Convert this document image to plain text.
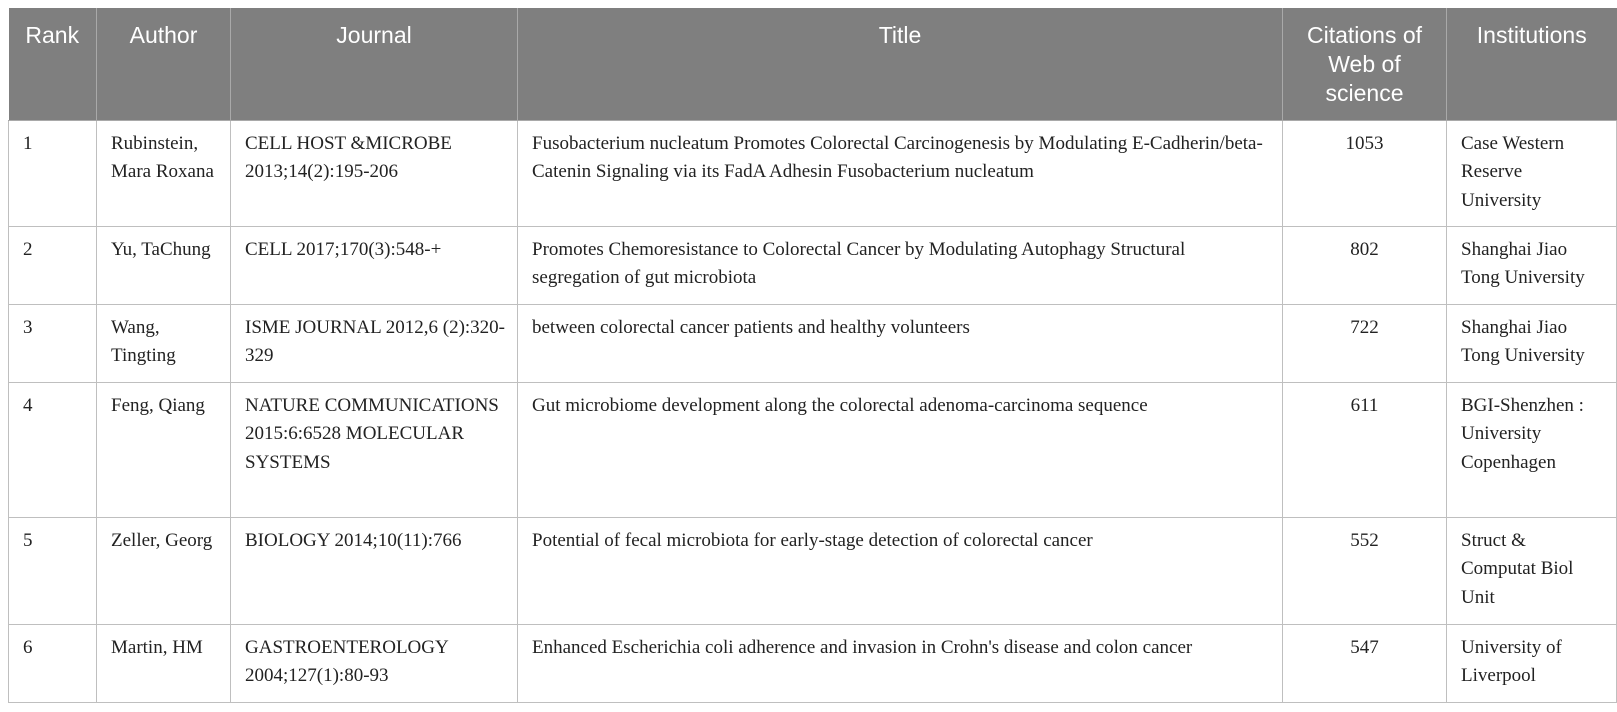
Rank	Author	Journal	Title	Citations of Web of science	Institutions
1	Rubinstein, Mara Roxana	CELL HOST &MICROBE 2013;14(2):195-206	Fusobacterium nucleatum Promotes Colorectal Carcinogenesis by Modulating E-Cadherin/beta-Catenin Signaling via its FadA Adhesin Fusobacterium nucleatum	1053	Case Western Reserve University
2	Yu, TaChung	CELL 2017;170(3):548-+	Promotes Chemoresistance to Colorectal Cancer by Modulating Autophagy Structural segregation of gut microbiota	802	Shanghai Jiao Tong University
3	Wang, Tingting	ISME JOURNAL 2012,6 (2):320-329	between colorectal cancer patients and healthy volunteers	722	Shanghai Jiao Tong University
4	Feng, Qiang	NATURE COMMUNICATIONS 2015:6:6528 MOLECULAR SYSTEMS	Gut microbiome development along the colorectal adenoma-carcinoma sequence	611	BGI-Shenzhen : University Copenhagen
5	Zeller, Georg	BIOLOGY 2014;10(11):766	Potential of fecal microbiota for early-stage detection of colorectal cancer	552	Struct & Computat Biol Unit
6	Martin, HM	GASTROENTEROLOGY 2004;127(1):80-93	Enhanced Escherichia coli adherence and invasion in Crohn's disease and colon cancer	547	University of Liverpool
